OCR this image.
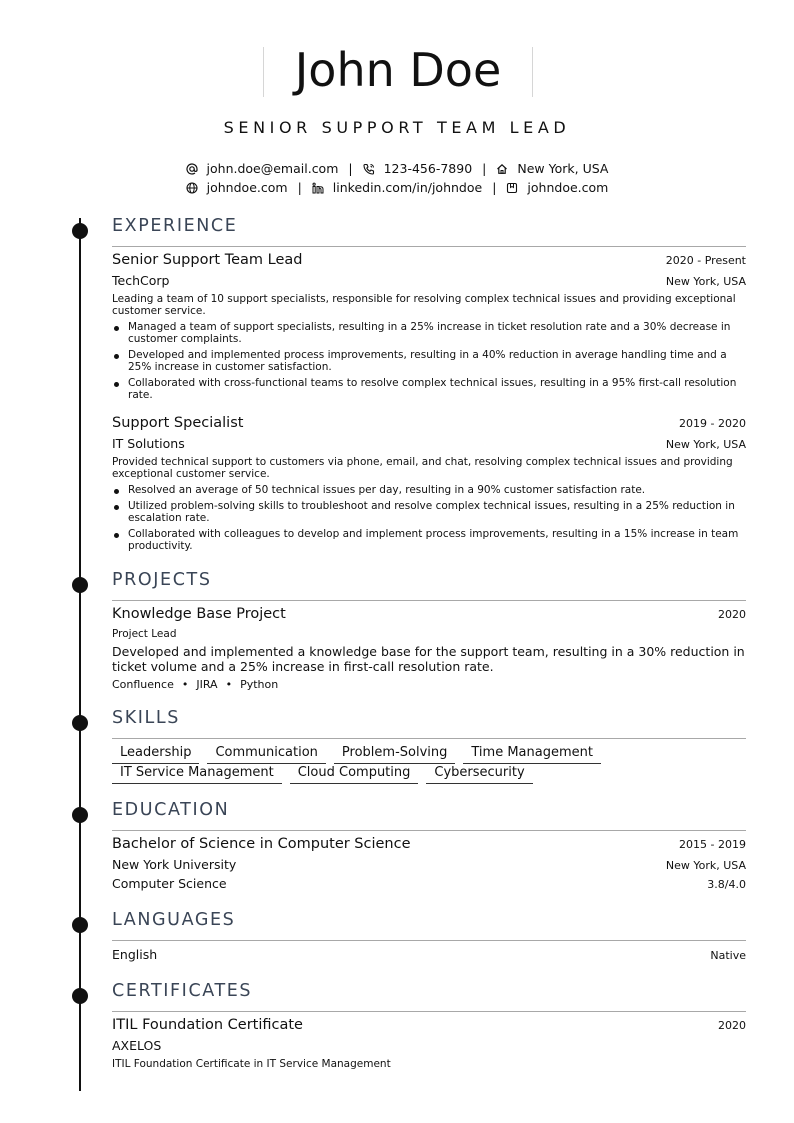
John Doe
SENIOR SUPPORT TEAM LEAD
john.doe@email.com | 123-456-7890 | New York, USA
johndoe.com | linkedin.com/in/johndoe | johndoe.com
EXPERIENCE
Senior Support Team Lead	2020 - Present
TechCorp	New York, USA
Leading a team of 10 support specialists, responsible for resolving complex technical issues and providing exceptional customer service.
Managed a team of support specialists, resulting in a 25% increase in ticket resolution rate and a 30% decrease in customer complaints.
Developed and implemented process improvements, resulting in a 40% reduction in average handling time and a 25% increase in customer satisfaction.
Collaborated with cross-functional teams to resolve complex technical issues, resulting in a 95% first-call resolution rate.
Support Specialist	2019 - 2020
IT Solutions	New York, USA
Provided technical support to customers via phone, email, and chat, resolving complex technical issues and providing exceptional customer service.
Resolved an average of 50 technical issues per day, resulting in a 90% customer satisfaction rate.
Utilized problem-solving skills to troubleshoot and resolve complex technical issues, resulting in a 25% reduction in escalation rate.
Collaborated with colleagues to develop and implement process improvements, resulting in a 15% increase in team productivity.
PROJECTS
Knowledge Base Project	2020
Project Lead
Developed and implemented a knowledge base for the support team, resulting in a 30% reduction in ticket volume and a 25% increase in first-call resolution rate.
Confluence • JIRA • Python
SKILLS
Leadership Communication Problem-Solving Time Management
IT Service Management Cloud Computing Cybersecurity
EDUCATION
Bachelor of Science in Computer Science	2015 - 2019
New York University	New York, USA
Computer Science	3.8/4.0
LANGUAGES
English	Native
CERTIFICATES
ITIL Foundation Certificate	2020
AXELOS
ITIL Foundation Certificate in IT Service Management
